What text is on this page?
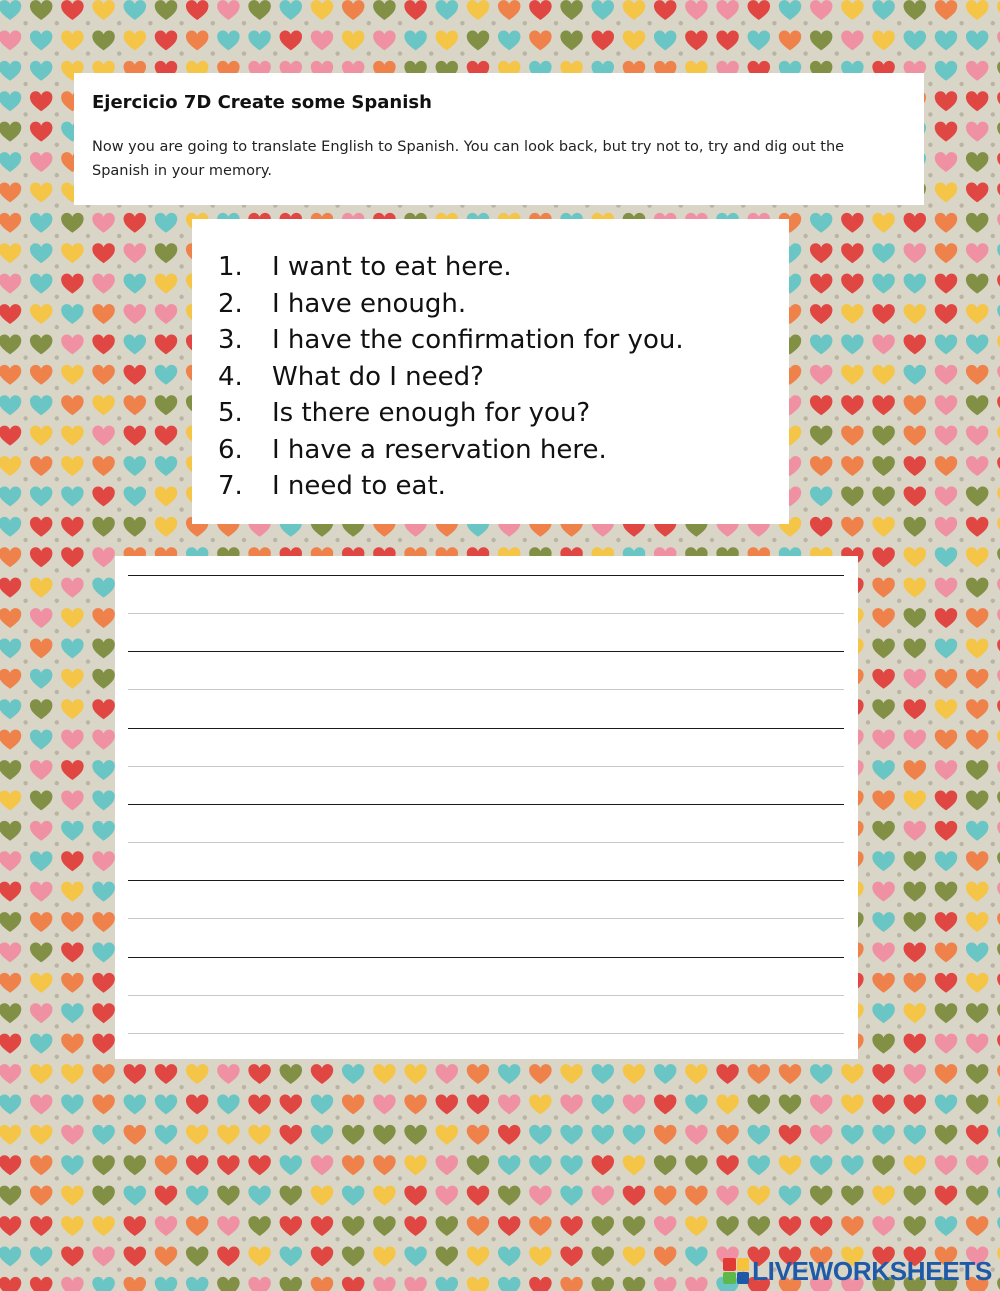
Ejercicio 7D Create some Spanish

Now you are going to translate English to Spanish. You can look back, but try not to, try and dig out the Spanish in your memory.

1. I want to eat here.
2. I have enough.
3. I have the confirmation for you.
4. What do I need?
5. Is there enough for you?
6. I have a reservation here.
7. I need to eat.
LIVEWORKSHEETS
